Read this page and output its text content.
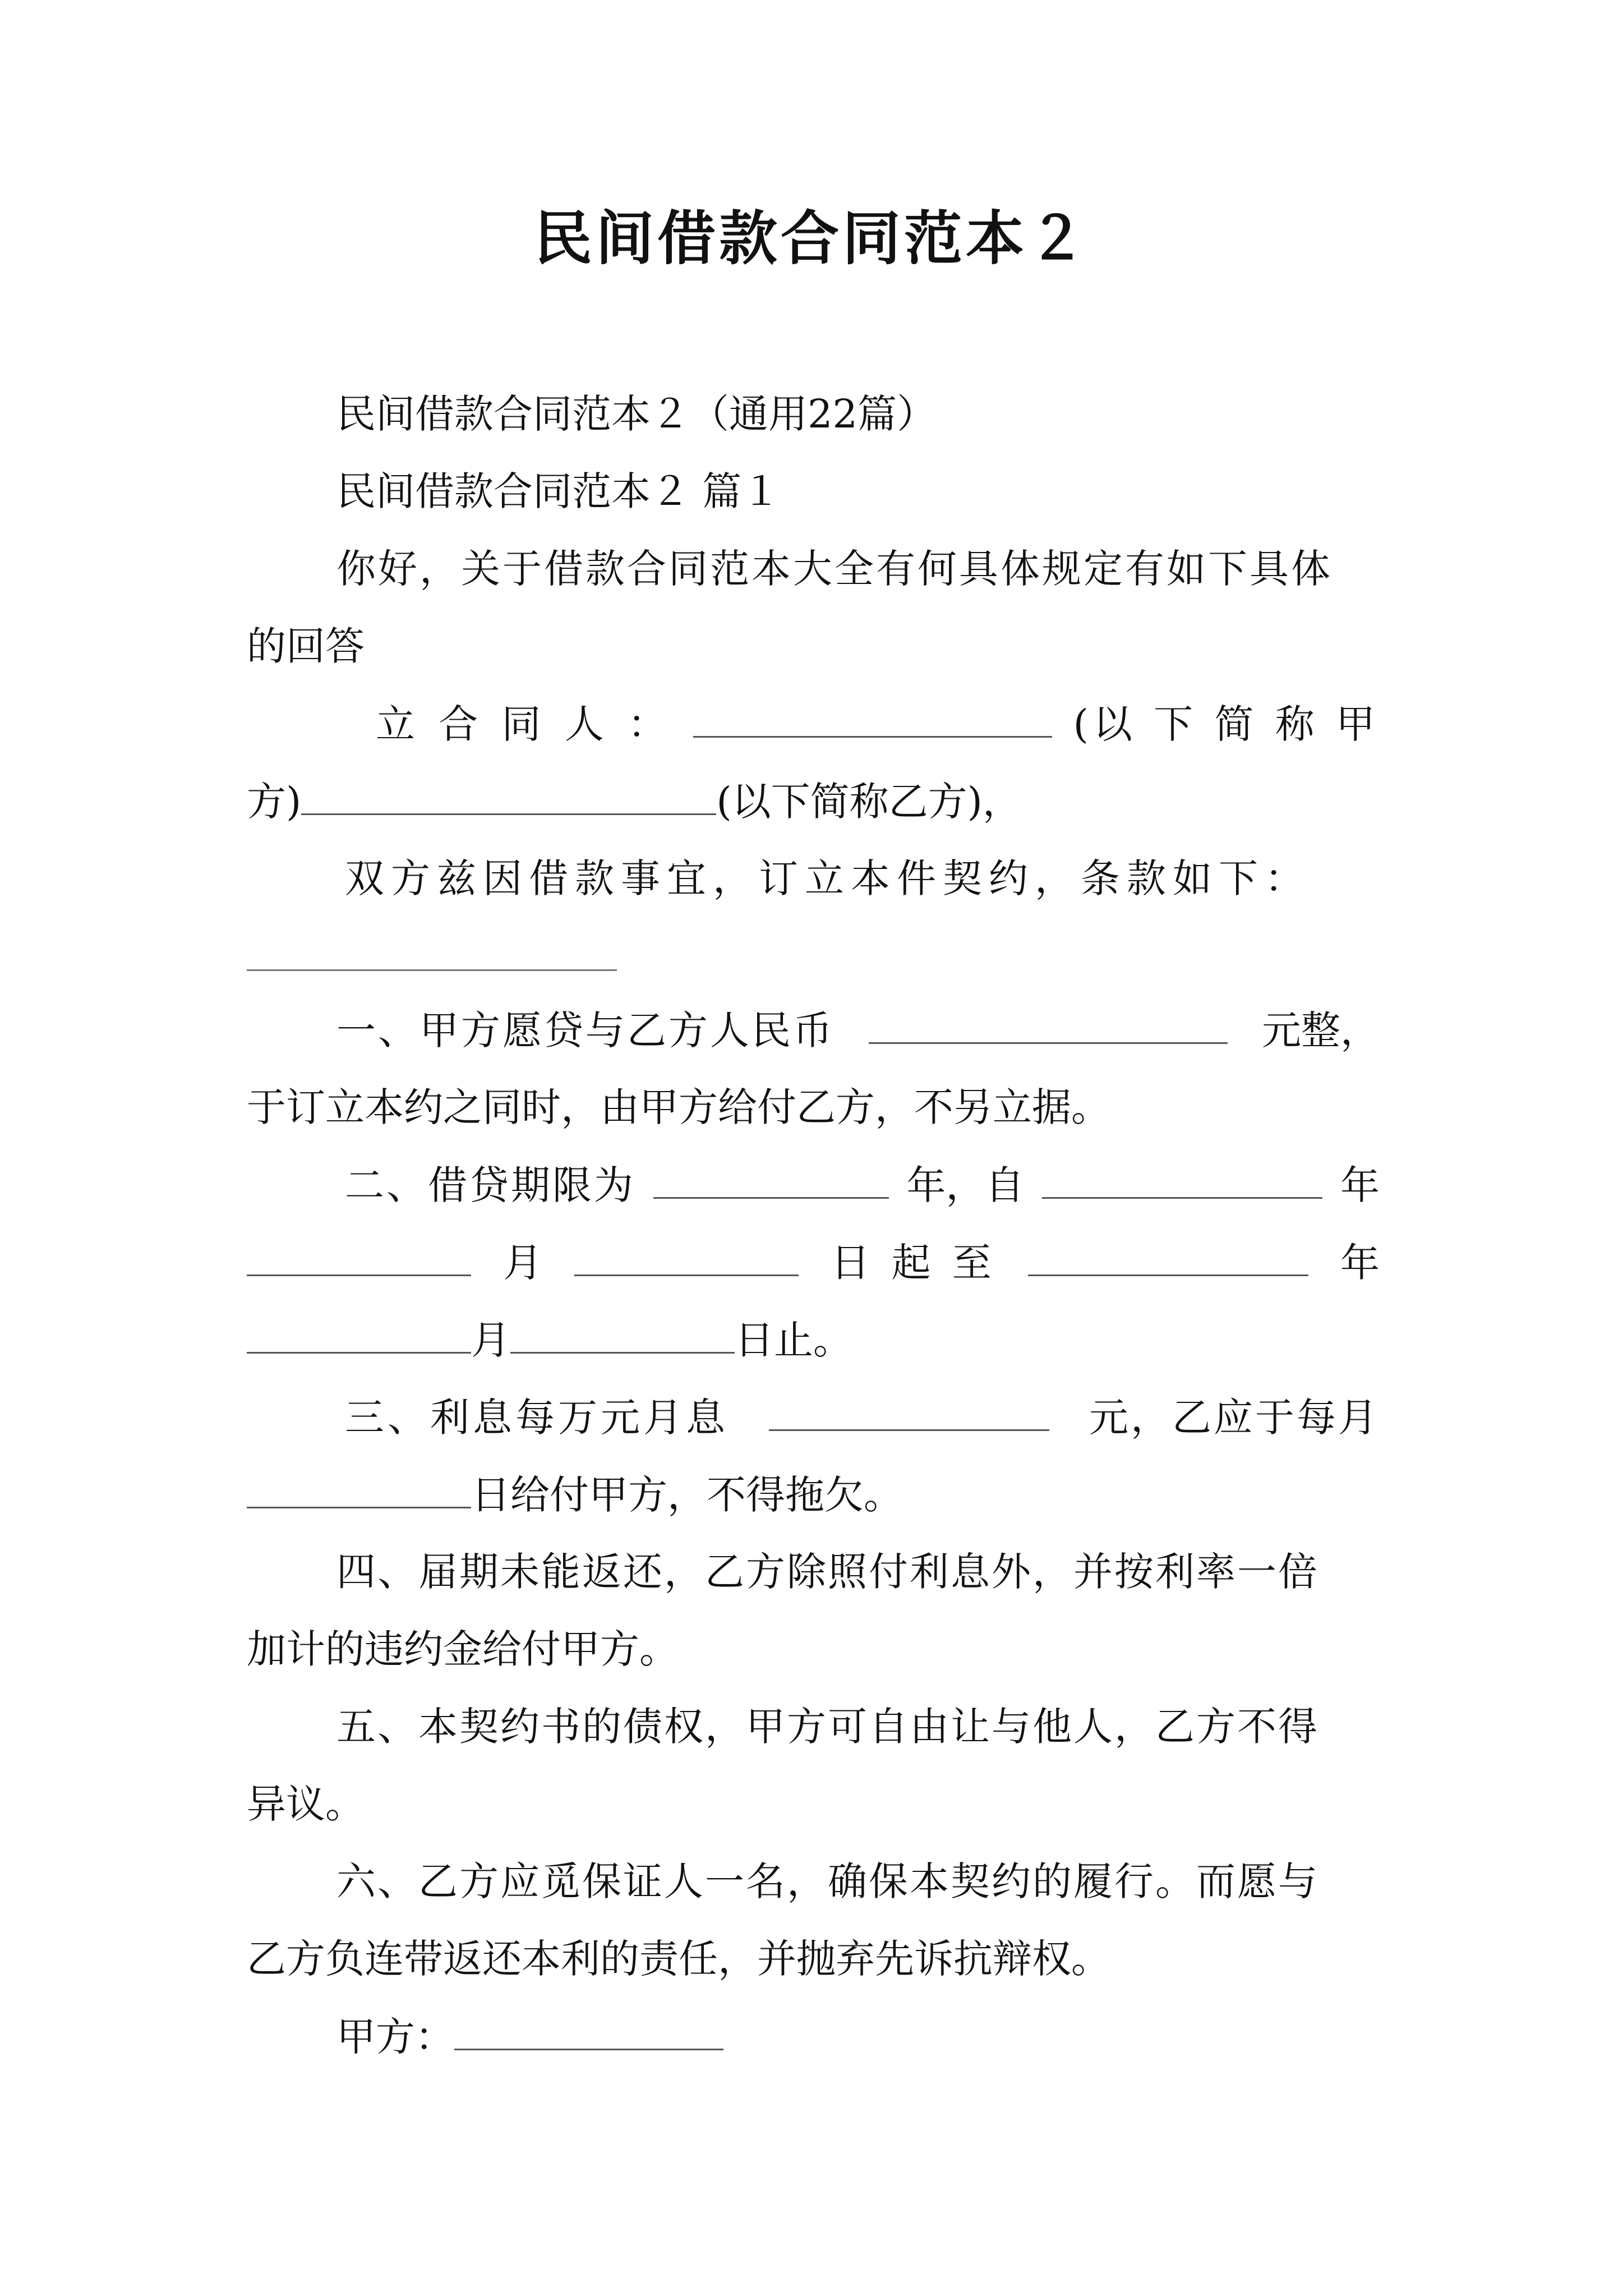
民间借款合同范本２
民间借款合同范本２（通用22篇）
民间借款合同范本２ 篇１
你好，关于借款合同范本大全有何具体规定有如下具体
的回答
立 合 同 人 ：	(以 下 简 称 甲
方)	(以下简称乙方)，
双方兹因借款事宜，订立本件契约，条款如下：
一、甲方愿贷与乙方人民币	元整，
于订立本约之同时，由甲方给付乙方，不另立据。
二、借贷期限为	年，自	年
月	日 起 至	年
月	日止。
三、利息每万元月息	元，乙应于每月
日给付甲方，不得拖欠。
四、届期未能返还，乙方除照付利息外，并按利率一倍
加计的违约金给付甲方。
五、本契约书的债权，甲方可自由让与他人，乙方不得
异议。
六、乙方应觅保证人一名，确保本契约的履行。而愿与
乙方负连带返还本利的责任，并抛弃先诉抗辩权。
甲方：
